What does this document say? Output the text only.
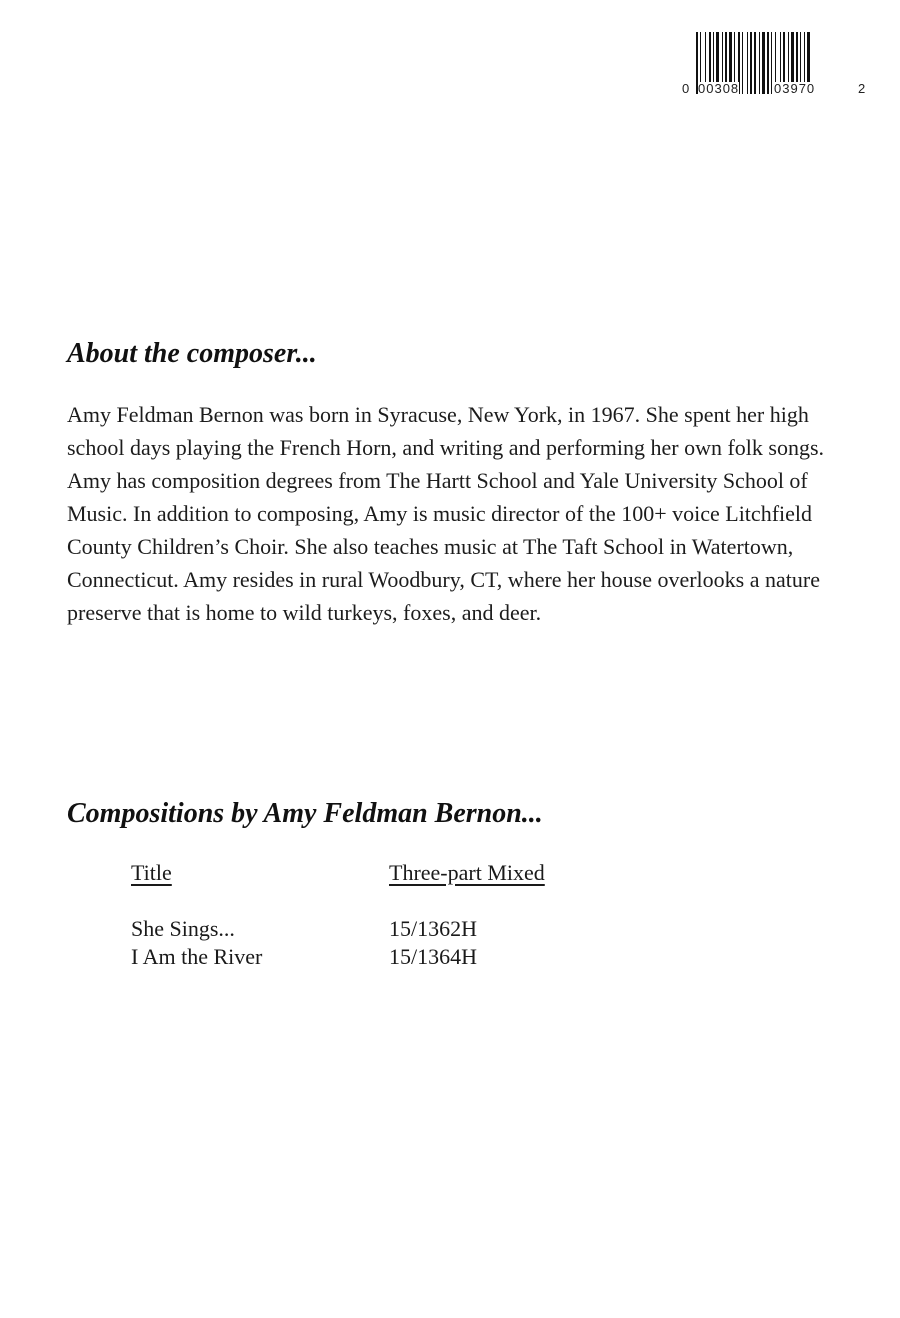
0 00308	03970	2
About the composer...

Amy Feldman Bernon was born in Syracuse, New York, in 1967. She spent her high school days playing the French Horn, and writing and performing her own folk songs. Amy has composition degrees from The Hartt School and Yale University School of Music. In addition to composing, Amy is music director of the 100+ voice Litchfield County Children’s Choir. She also teaches music at The Taft School in Watertown, Connecticut. Amy resides in rural Woodbury, CT, where her house overlooks a nature preserve that is home to wild turkeys, foxes, and deer.

Compositions by Amy Feldman Bernon...
Title	Three-part Mixed
She Sings...	15/1362H
I Am the River	15/1364H
